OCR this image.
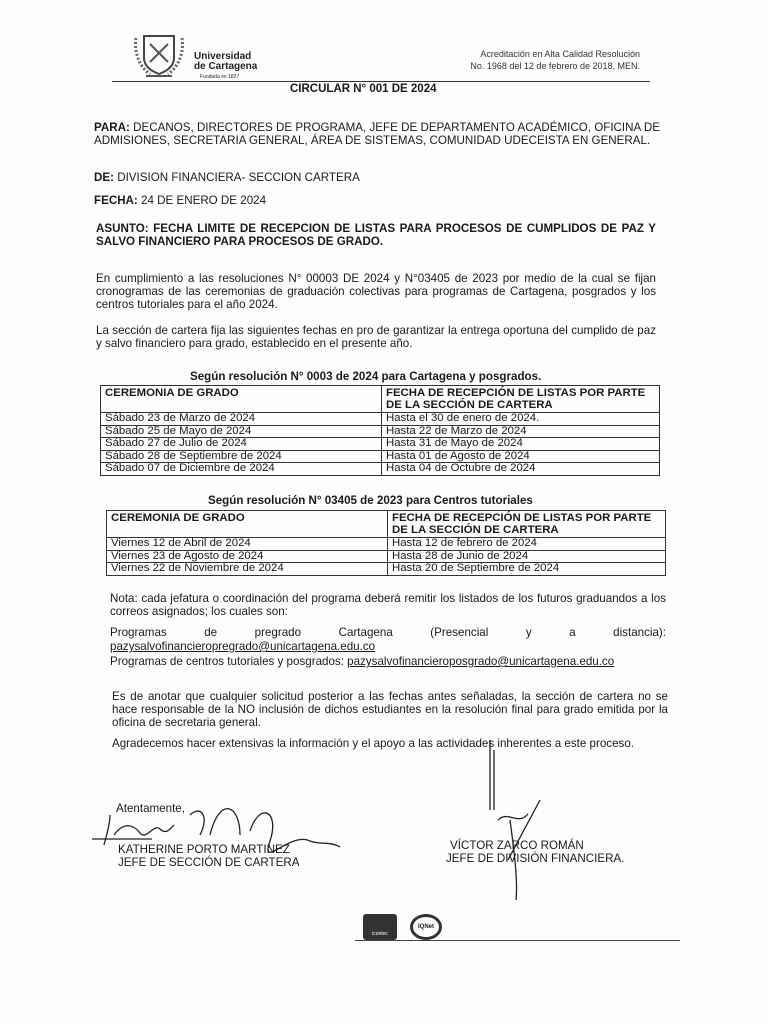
Universidad
de Cartagena
Fundada en 1827
Acreditación en Alta Calidad Resolución
No. 1968 del 12 de febrero de 2018, MEN.
CIRCULAR N° 001 DE 2024
PARA: DECANOS, DIRECTORES DE PROGRAMA, JEFE DE DEPARTAMENTO ACADÉMICO, OFICINA DE ADMISIONES, SECRETARIA GENERAL, ÁREA DE SISTEMAS, COMUNIDAD UDECEISTA EN GENERAL.
DE: DIVISION FINANCIERA- SECCION CARTERA
FECHA: 24 DE ENERO DE 2024
ASUNTO: FECHA LIMITE DE RECEPCION DE LISTAS PARA PROCESOS DE CUMPLIDOS DE PAZ Y SALVO FINANCIERO PARA PROCESOS DE GRADO.
En cumplimiento a las resoluciones N° 00003 DE 2024 y N°03405 de 2023 por medio de la cual se fijan cronogramas de las ceremonias de graduación colectivas para programas de Cartagena, posgrados y los centros tutoriales para el año 2024.
La sección de cartera fija las siguientes fechas en pro de garantizar la entrega oportuna del cumplido de paz y salvo financiero para grado, establecido en el presente año.
Según resolución N° 0003 de 2024 para Cartagena y posgrados.
CEREMONIA DE GRADO	FECHA DE RECEPCIÓN DE LISTAS POR PARTE DE LA SECCIÓN DE CARTERA
Sábado 23 de Marzo de 2024	Hasta el 30 de enero de 2024.
Sábado 25 de Mayo de 2024	Hasta 22 de Marzo de 2024
Sábado 27 de Julio de 2024	Hasta 31 de Mayo de 2024
Sábado 28 de Septiembre de 2024	Hasta 01 de Agosto de 2024
Sábado 07 de Diciembre de 2024	Hasta 04 de Octubre de 2024
Según resolución N° 03405 de 2023 para Centros tutoriales
CEREMONIA DE GRADO	FECHA DE RECEPCIÓN DE LISTAS POR PARTE DE LA SECCIÓN DE CARTERA
Viernes 12 de Abril de 2024	Hasta 12 de febrero de 2024
Viernes 23 de Agosto de 2024	Hasta 28 de Junio de 2024
Viernes 22 de Noviembre de 2024	Hasta 20 de Septiembre de 2024
Nota: cada jefatura o coordinación del programa deberá remitir los listados de los futuros graduandos a los correos asignados; los cuales son:
Programas de pregrado Cartagena (Presencial y a distancia):
pazysalvofinancieropregrado@unicartagena.edu.co
Programas de centros tutoriales y posgrados: pazysalvofinancieroposgrado@unicartagena.edu.co
Es de anotar que cualquier solicitud posterior a las fechas antes señaladas, la sección de cartera no se hace responsable de la NO inclusión de dichos estudiantes en la resolución final para grado emitida por la oficina de secretaria general.
Agradecemos hacer extensivas la información y el apoyo a las actividades inherentes a este proceso.
Atentamente,
KATHERINE PORTO MARTINEZ
JEFE DE SECCIÓN DE CARTERA
VÍCTOR ZARCO ROMÁN
JEFE DE DIVISIÓN FINANCIERA.
icontec
IQNet
